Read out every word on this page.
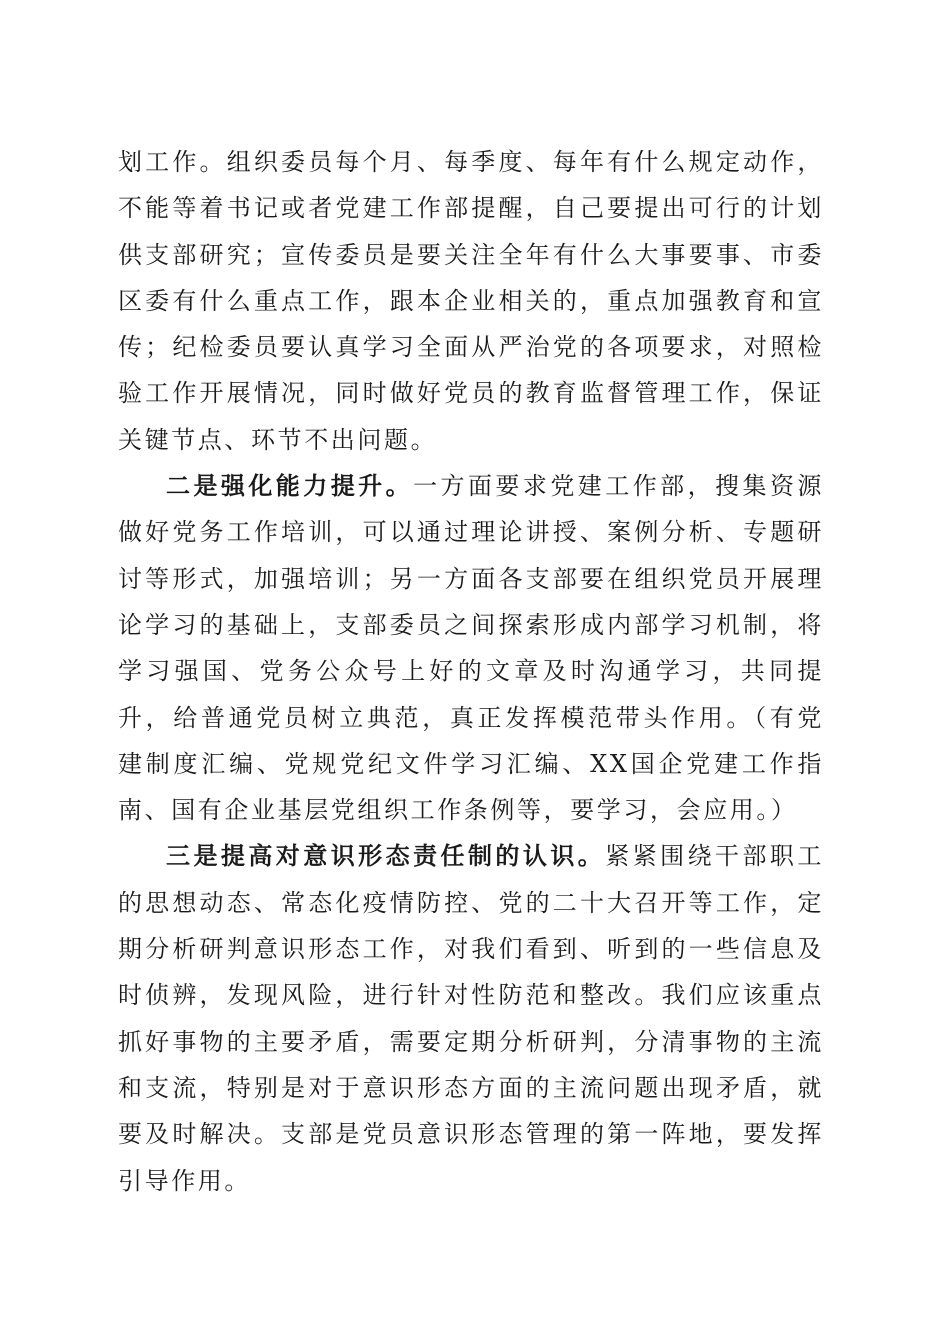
划工作。组织委员每个月、每季度、每年有什么规定动作，不能等着书记或者党建工作部提醒，自己要提出可行的计划供支部研究；宣传委员是要关注全年有什么大事要事、市委区委有什么重点工作，跟本企业相关的，重点加强教育和宣传；纪检委员要认真学习全面从严治党的各项要求，对照检验工作开展情况，同时做好党员的教育监督管理工作，保证关键节点、环节不出问题。

二是强化能力提升。一方面要求党建工作部，搜集资源做好党务工作培训，可以通过理论讲授、案例分析、专题研讨等形式，加强培训；另一方面各支部要在组织党员开展理论学习的基础上，支部委员之间探索形成内部学习机制，将学习强国、党务公众号上好的文章及时沟通学习，共同提升，给普通党员树立典范，真正发挥模范带头作用。（有党建制度汇编、党规党纪文件学习汇编、XX国企党建工作指南、国有企业基层党组织工作条例等，要学习，会应用。）

三是提高对意识形态责任制的认识。紧紧围绕干部职工的思想动态、常态化疫情防控、党的二十大召开等工作，定期分析研判意识形态工作，对我们看到、听到的一些信息及时侦辨，发现风险，进行针对性防范和整改。我们应该重点抓好事物的主要矛盾，需要定期分析研判，分清事物的主流和支流，特别是对于意识形态方面的主流问题出现矛盾，就要及时解决。支部是党员意识形态管理的第一阵地，要发挥引导作用。
